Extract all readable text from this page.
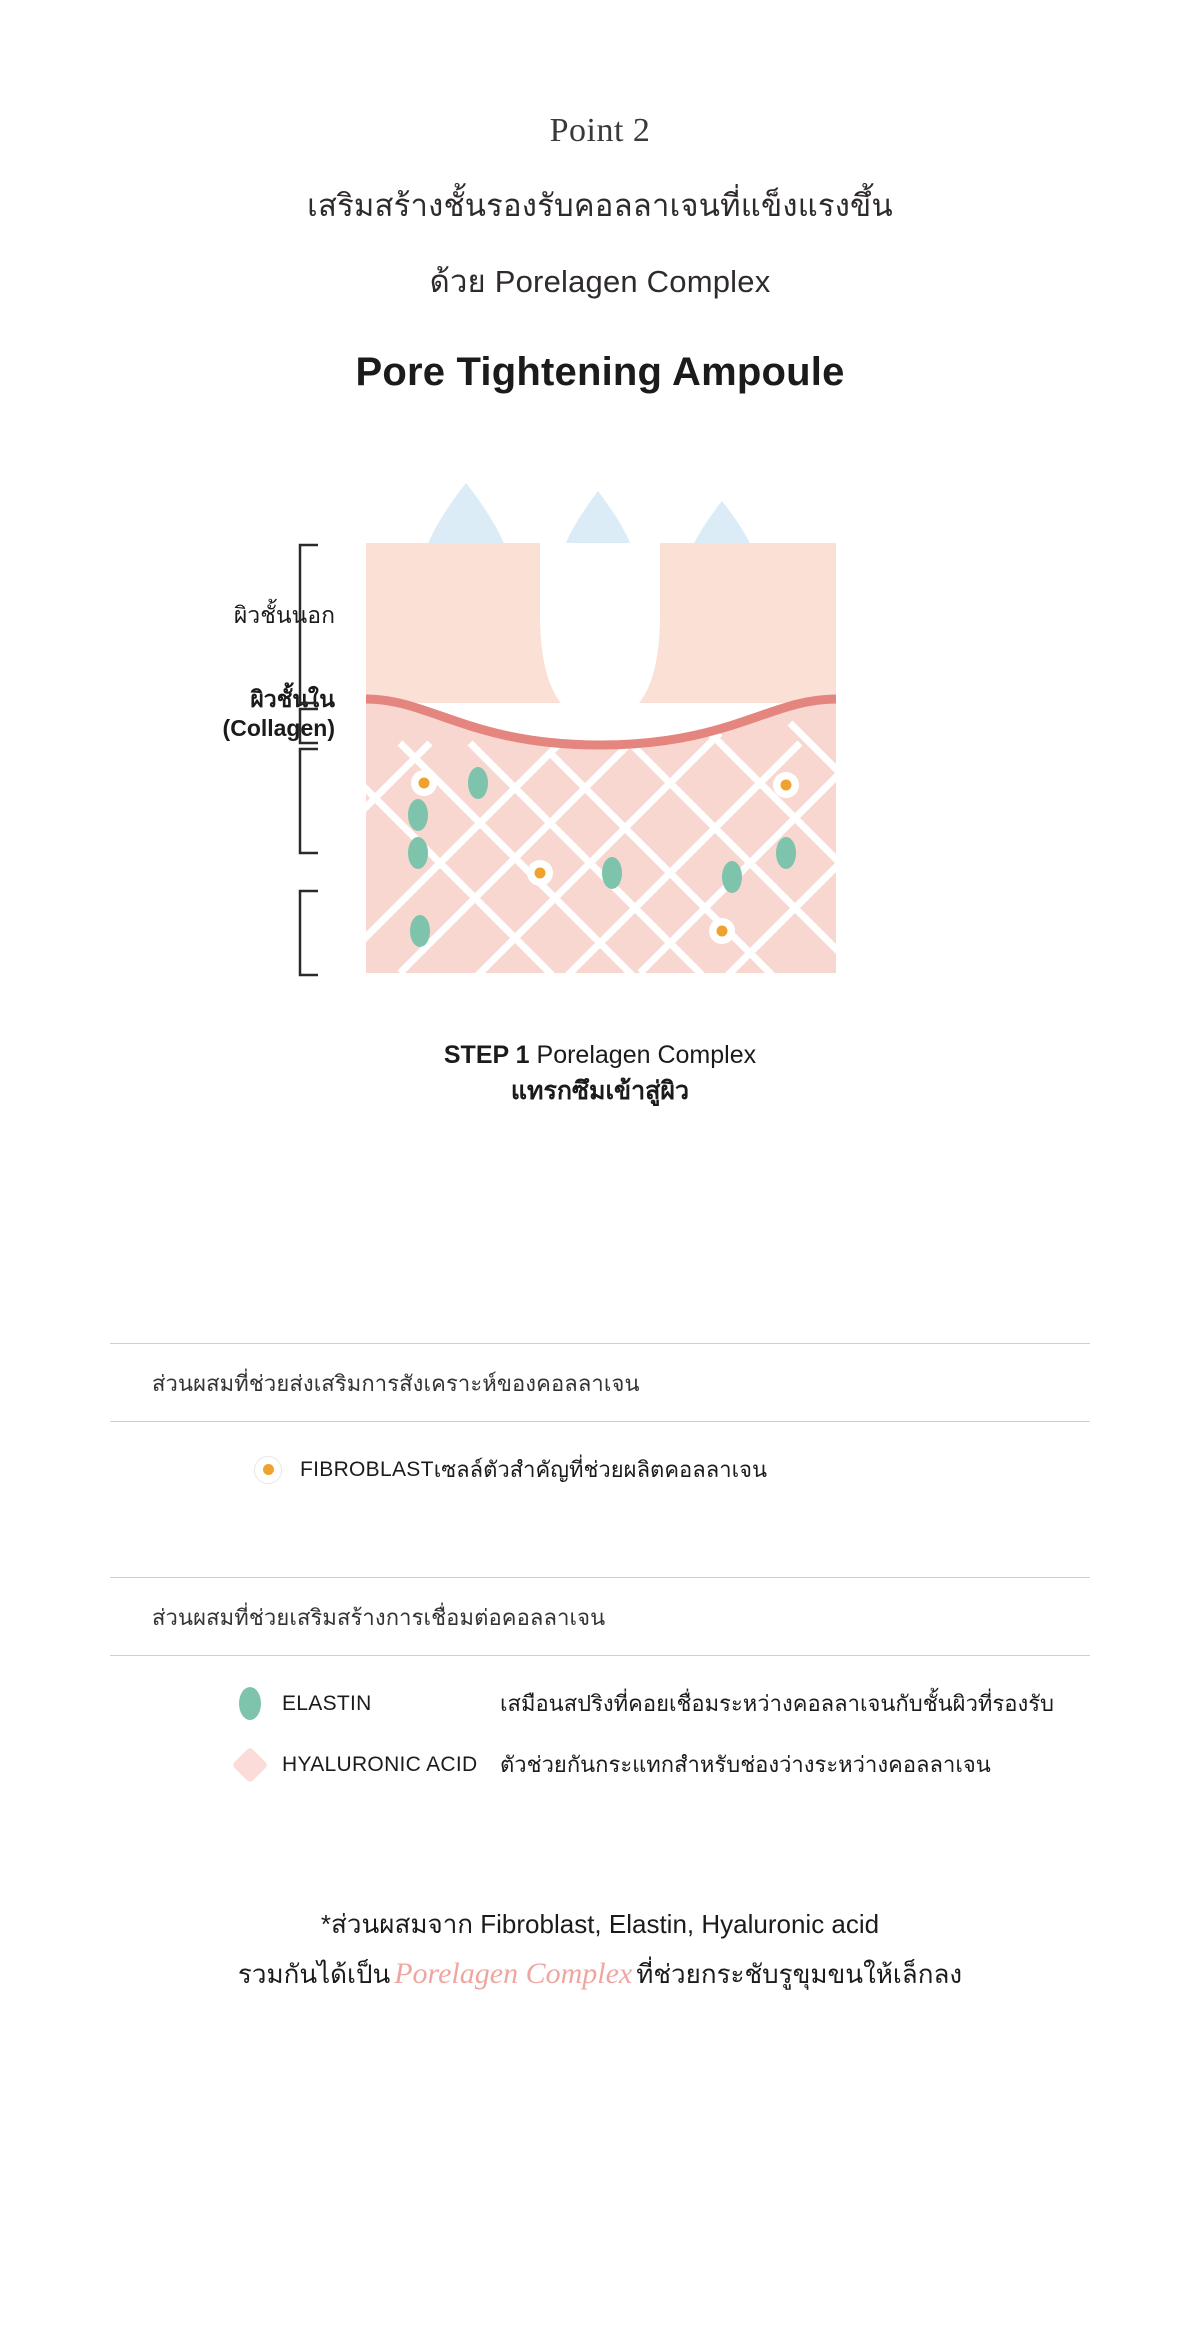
Point 2

เสริมสร้างชั้นรองรับคอลลาเจนที่แข็งแรงขึ้น

ด้วย Porelagen Complex

Pore Tightening Ampoule

ผิวชั้นนอก
ผิวชั้นใน
(Collagen)
STEP 1 Porelagen Complex
แทรกซึมเข้าสู่ผิว
ส่วนผสมที่ช่วยส่งเสริมการสังเคราะห์ของคอลลาเจน
FIBROBLAST เซลล์ตัวสำคัญที่ช่วยผลิตคอลลาเจน
ส่วนผสมที่ช่วยเสริมสร้างการเชื่อมต่อคอลลาเจน
ELASTIN	เสมือนสปริงที่คอยเชื่อมระหว่างคอลลาเจนกับชั้นผิวที่รองรับ
HYALURONIC ACID	ตัวช่วยกันกระแทกสำหรับช่องว่างระหว่างคอลลาเจน
*ส่วนผสมจาก Fibroblast, Elastin, Hyaluronic acid
รวมกันได้เป็น Porelagen Complex ที่ช่วยกระชับรูขุมขนให้เล็กลง
